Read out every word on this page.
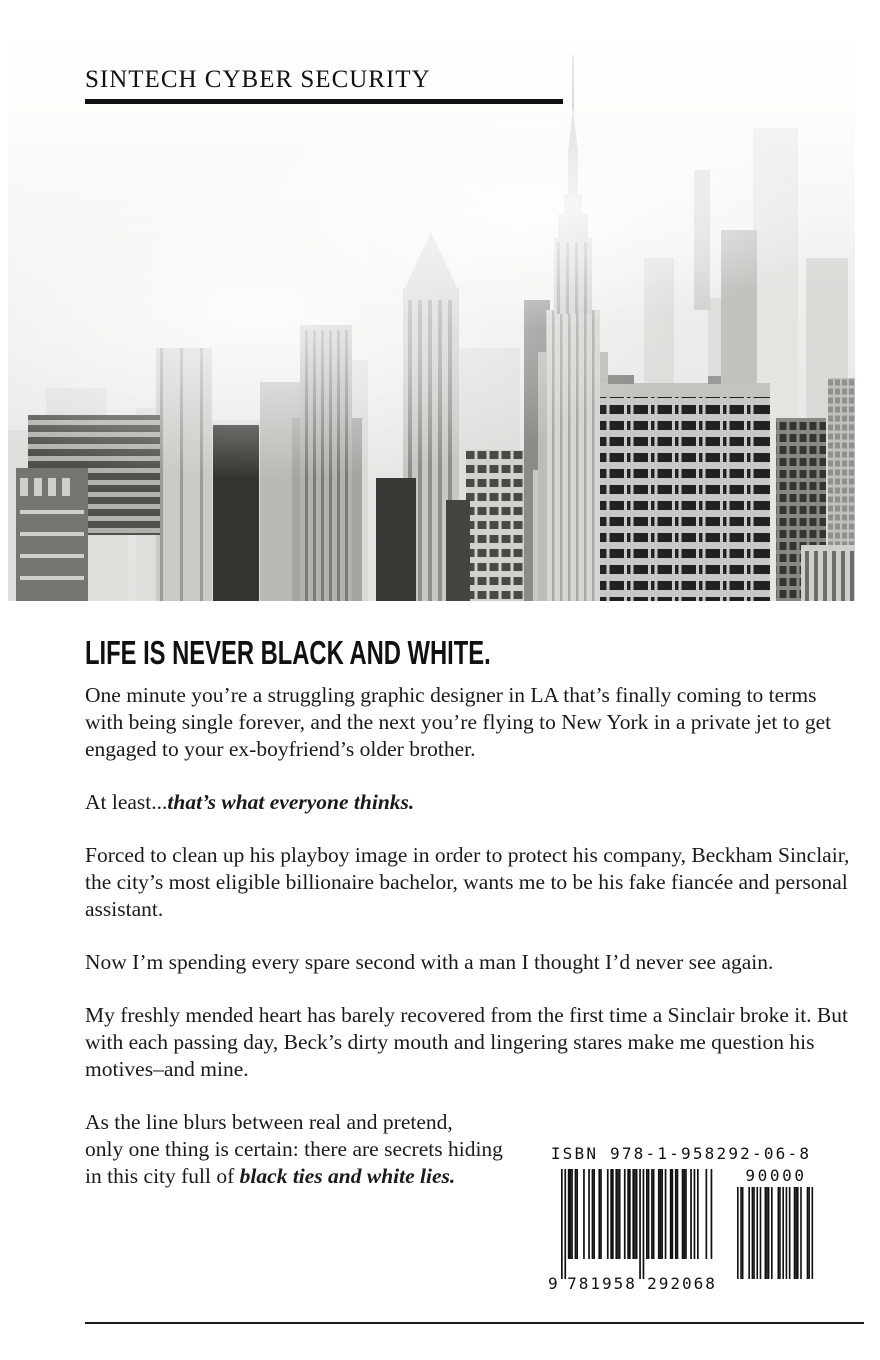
SINTECH CYBER SECURITY
LIFE IS NEVER BLACK AND WHITE.

One minute you’re a struggling graphic designer in LA that’s finally coming to terms with being single forever, and the next you’re flying to New York in a private jet to get engaged to your ex-boyfriend’s older brother.

At least...that’s what everyone thinks.

Forced to clean up his playboy image in order to protect his company, Beckham Sinclair, the city’s most eligible billionaire bachelor, wants me to be his fake fiancée and personal assistant.

Now I’m spending every spare second with a man I thought I’d never see again.

My freshly mended heart has barely recovered from the first time a Sinclair broke it. But with each passing day, Beck’s dirty mouth and lingering stares make me question his motives–and mine.

As the line blurs between real and pretend,
only one thing is certain: there are secrets hiding
in this city full of black ties and white lies.

ISBN 978-1-958292-06-8
9 781958 292068
90000
